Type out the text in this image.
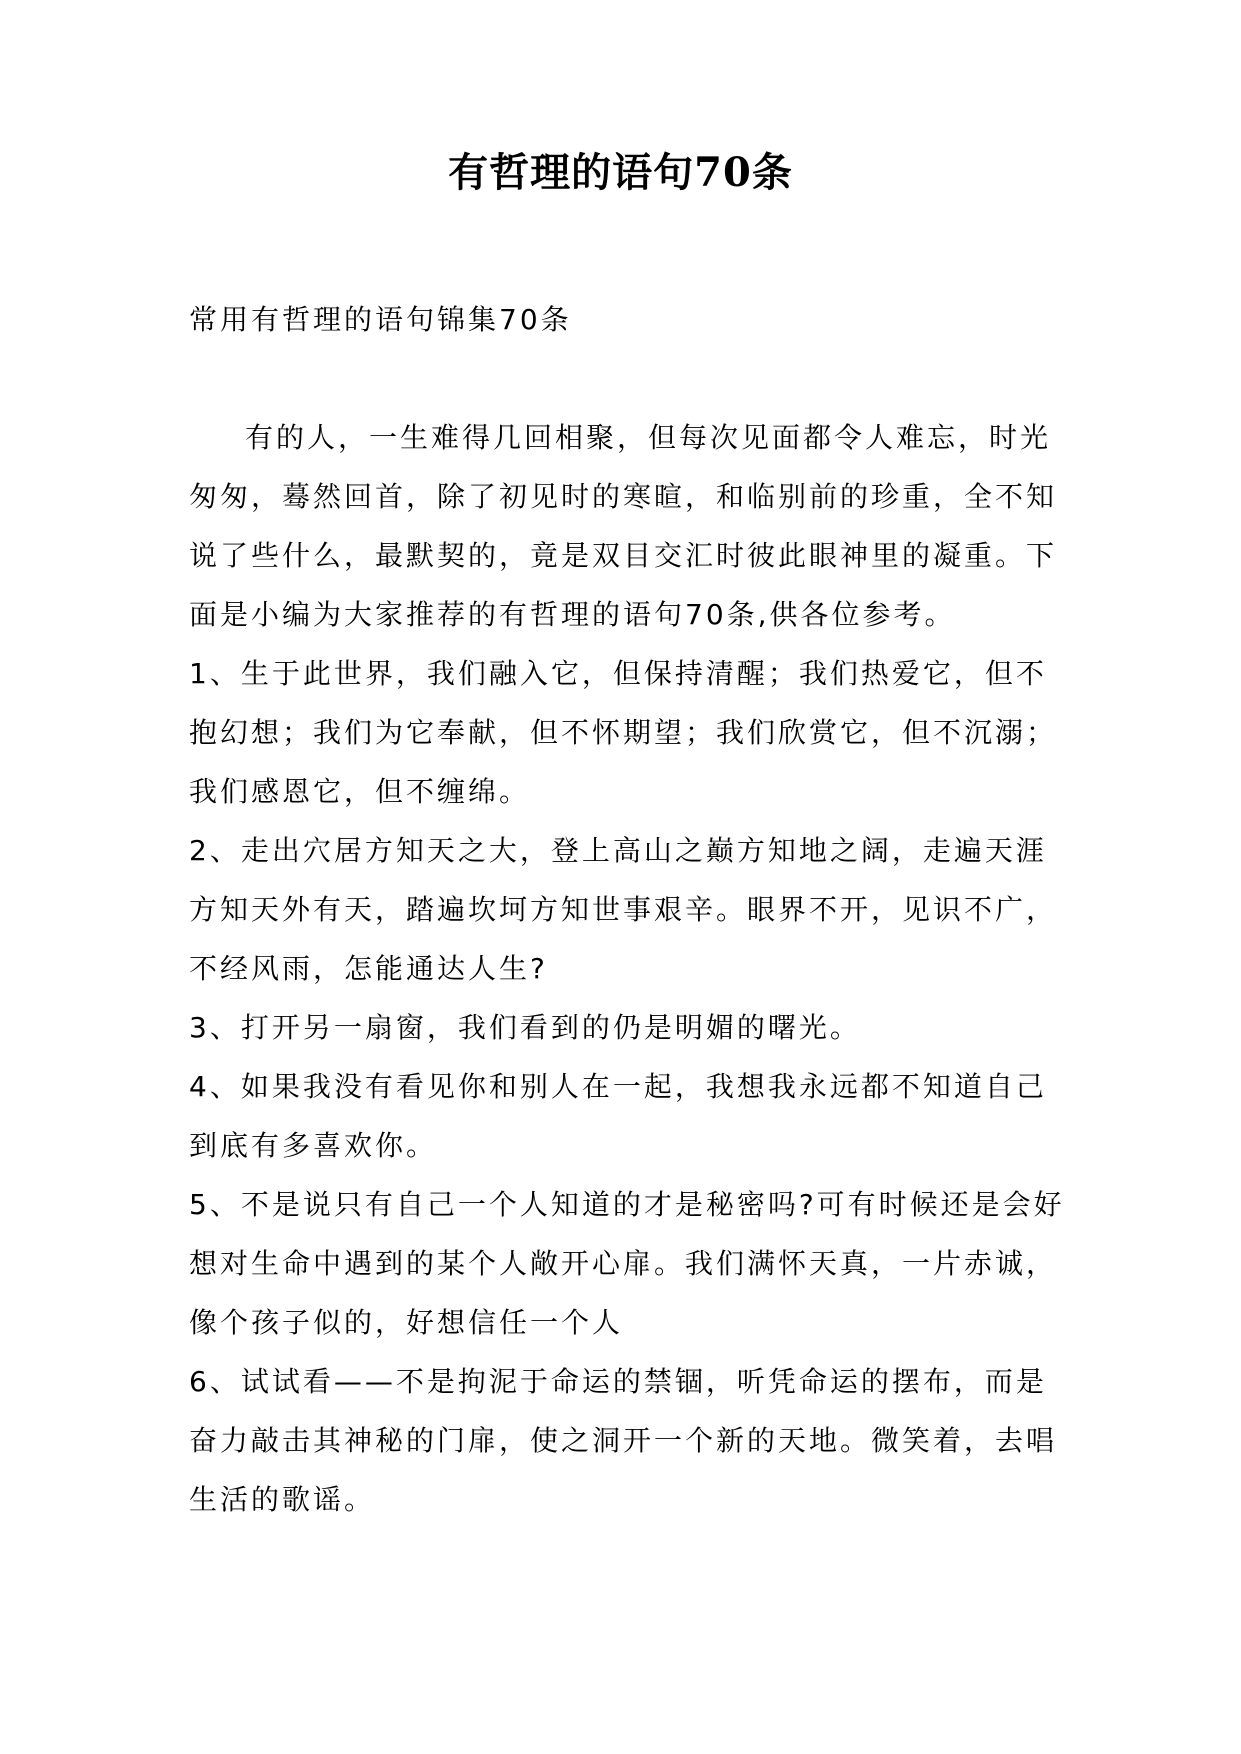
有哲理的语句70条

常用有哲理的语句锦集70条

有的人，一生难得几回相聚，但每次见面都令人难忘，时光匆匆，蓦然回首，除了初见时的寒暄，和临别前的珍重，全不知说了些什么，最默契的，竟是双目交汇时彼此眼神里的凝重。下面是小编为大家推荐的有哲理的语句70条,供各位参考。

1、生于此世界，我们融入它，但保持清醒；我们热爱它，但不抱幻想；我们为它奉献，但不怀期望；我们欣赏它，但不沉溺；我们感恩它，但不缠绵。

2、走出穴居方知天之大，登上高山之巅方知地之阔，走遍天涯方知天外有天，踏遍坎坷方知世事艰辛。眼界不开，见识不广，不经风雨，怎能通达人生?

3、打开另一扇窗，我们看到的仍是明媚的曙光。

4、如果我没有看见你和别人在一起，我想我永远都不知道自己到底有多喜欢你。

5、不是说只有自己一个人知道的才是秘密吗?可有时候还是会好想对生命中遇到的某个人敞开心扉。我们满怀天真，一片赤诚，像个孩子似的，好想信任一个人

6、试试看——不是拘泥于命运的禁锢，听凭命运的摆布，而是奋力敲击其神秘的门扉，使之洞开一个新的天地。微笑着，去唱生活的歌谣。
